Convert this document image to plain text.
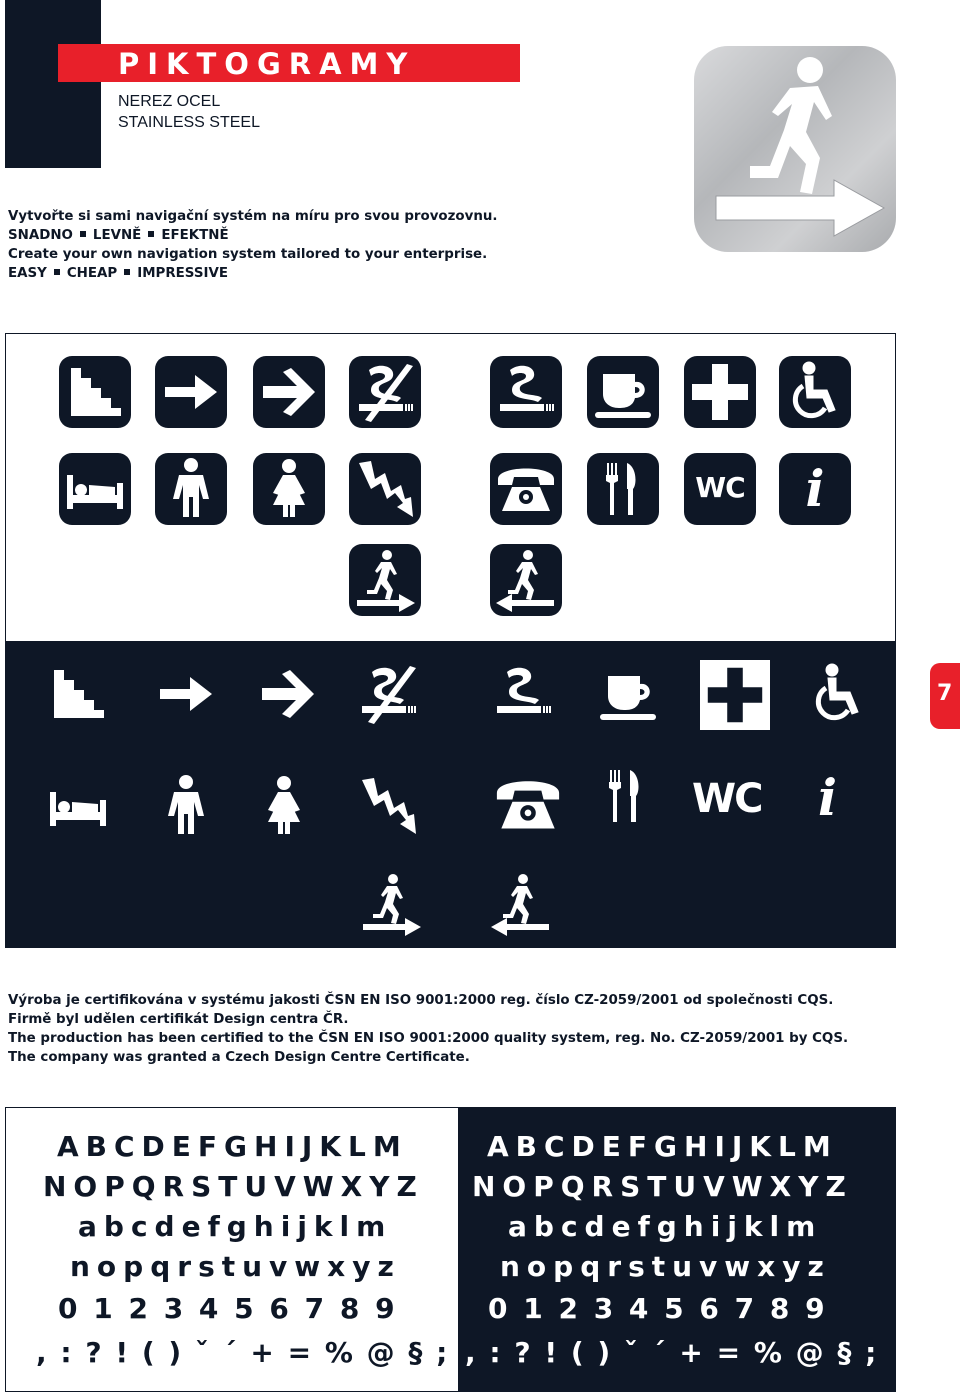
PIKTOGRAMY
NEREZ OCEL
STAINLESS STEEL
Vytvořte si sami navigační systém na míru pro svou provozovnu.
SNADNO LEVNĚ EFEKTNĚ
Create your own navigation system tailored to your enterprise.
EASY CHEAP IMPRESSIVE
WC	i
WC i
7
Výroba je certifikována v systému jakosti ČSN EN ISO 9001:2000 reg. číslo CZ-2059/2001 od společnosti CQS.
Firmě byl udělen certifikát Design centra ČR.
The production has been certified to the ČSN EN ISO 9001:2000 quality system, reg. No. CZ-2059/2001 by CQS.
The company was granted a Czech Design Centre Certificate.
ABCDEFGHIJKLM
NOPQRSTUVWXYZ
abcdefghijklm
nopqrstuvwxyz
0 1 2 3 4 5 6 7 8 9
, : ? ! ( ) ˇ ´ + = % @ § ;
ABCDEFGHIJKLM
NOPQRSTUVWXYZ
abcdefghijklm
nopqrstuvwxyz
0 1 2 3 4 5 6 7 8 9
, : ? ! ( ) ˇ ´ + = % @ § ;
